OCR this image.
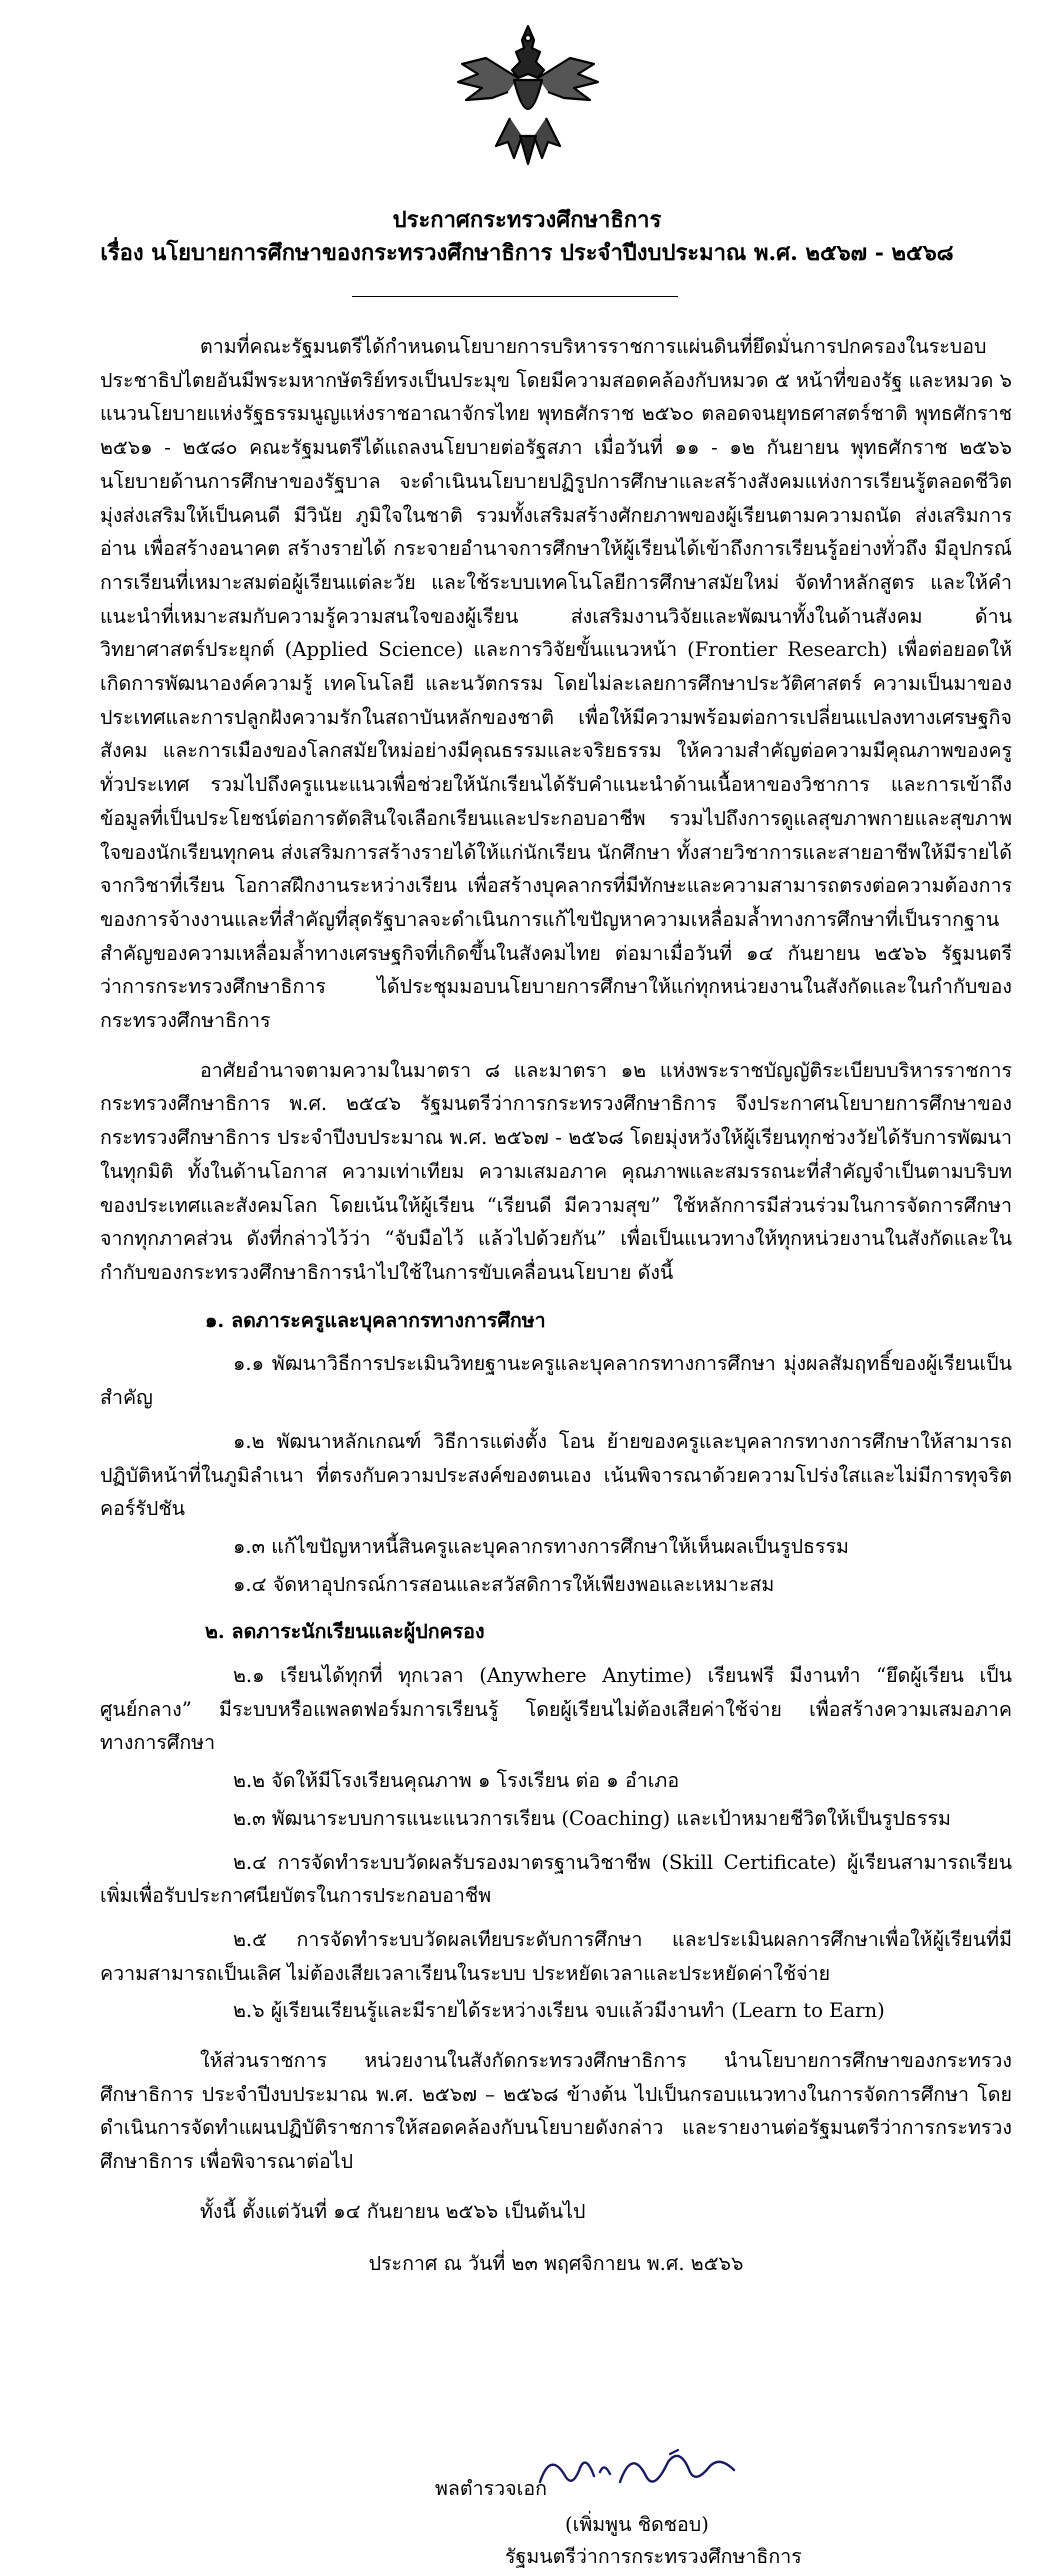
ประกาศกระทรวงศึกษาธิการ
เรื่อง นโยบายการศึกษาของกระทรวงศึกษาธิการ ประจำปีงบประมาณ พ.ศ. ๒๕๖๗ - ๒๕๖๘

ตามที่คณะรัฐมนตรีได้กำหนดนโยบายการบริหารราชการแผ่นดินที่ยึดมั่นการปกครองในระบอบประชาธิปไตยอันมีพระมหากษัตริย์ทรงเป็นประมุข โดยมีความสอดคล้องกับหมวด ๕ หน้าที่ของรัฐ และหมวด ๖ แนวนโยบายแห่งรัฐธรรมนูญแห่งราชอาณาจักรไทย พุทธศักราช ๒๕๖๐ ตลอดจนยุทธศาสตร์ชาติ พุทธศักราช ๒๕๖๑ - ๒๕๘๐ คณะรัฐมนตรีได้แถลงนโยบายต่อรัฐสภา เมื่อวันที่ ๑๑ - ๑๒ กันยายน พุทธศักราช ๒๕๖๖ นโยบายด้านการศึกษาของรัฐบาล จะดำเนินนโยบายปฏิรูปการศึกษาและสร้างสังคมแห่งการเรียนรู้ตลอดชีวิต มุ่งส่งเสริมให้เป็นคนดี มีวินัย ภูมิใจในชาติ รวมทั้งเสริมสร้างศักยภาพของผู้เรียนตามความถนัด ส่งเสริมการอ่าน เพื่อสร้างอนาคต สร้างรายได้ กระจายอำนาจการศึกษาให้ผู้เรียนได้เข้าถึงการเรียนรู้อย่างทั่วถึง มีอุปกรณ์การเรียนที่เหมาะสมต่อผู้เรียนแต่ละวัย และใช้ระบบเทคโนโลยีการศึกษาสมัยใหม่ จัดทำหลักสูตร และให้คำแนะนำที่เหมาะสมกับความรู้ความสนใจของผู้เรียน ส่งเสริมงานวิจัยและพัฒนาทั้งในด้านสังคม ด้านวิทยาศาสตร์ประยุกต์ (Applied Science) และการวิจัยขั้นแนวหน้า (Frontier Research) เพื่อต่อยอดให้เกิดการพัฒนาองค์ความรู้ เทคโนโลยี และนวัตกรรม โดยไม่ละเลยการศึกษาประวัติศาสตร์ ความเป็นมาของประเทศและการปลูกฝังความรักในสถาบันหลักของชาติ เพื่อให้มีความพร้อมต่อการเปลี่ยนแปลงทางเศรษฐกิจ สังคม และการเมืองของโลกสมัยใหม่อย่างมีคุณธรรมและจริยธรรม ให้ความสำคัญต่อความมีคุณภาพของครูทั่วประเทศ รวมไปถึงครูแนะแนวเพื่อช่วยให้นักเรียนได้รับคำแนะนำด้านเนื้อหาของวิชาการ และการเข้าถึงข้อมูลที่เป็นประโยชน์ต่อการตัดสินใจเลือกเรียนและประกอบอาชีพ รวมไปถึงการดูแลสุขภาพกายและสุขภาพใจของนักเรียนทุกคน ส่งเสริมการสร้างรายได้ให้แก่นักเรียน นักศึกษา ทั้งสายวิชาการและสายอาชีพให้มีรายได้จากวิชาที่เรียน โอกาสฝึกงานระหว่างเรียน เพื่อสร้างบุคลากรที่มีทักษะและความสามารถตรงต่อความต้องการของการจ้างงานและที่สำคัญที่สุดรัฐบาลจะดำเนินการแก้ไขปัญหาความเหลื่อมล้ำทางการศึกษาที่เป็นรากฐานสำคัญของความเหลื่อมล้ำทางเศรษฐกิจที่เกิดขึ้นในสังคมไทย ต่อมาเมื่อวันที่ ๑๔ กันยายน ๒๕๖๖ รัฐมนตรีว่าการกระทรวงศึกษาธิการ ได้ประชุมมอบนโยบายการศึกษาให้แก่ทุกหน่วยงานในสังกัดและในกำกับของกระทรวงศึกษาธิการ

อาศัยอำนาจตามความในมาตรา ๘ และมาตรา ๑๒ แห่งพระราชบัญญัติระเบียบบริหารราชการกระทรวงศึกษาธิการ พ.ศ. ๒๕๔๖ รัฐมนตรีว่าการกระทรวงศึกษาธิการ จึงประกาศนโยบายการศึกษาของกระทรวงศึกษาธิการ ประจำปีงบประมาณ พ.ศ. ๒๕๖๗ - ๒๕๖๘ โดยมุ่งหวังให้ผู้เรียนทุกช่วงวัยได้รับการพัฒนาในทุกมิติ ทั้งในด้านโอกาส ความเท่าเทียม ความเสมอภาค คุณภาพและสมรรถนะที่สำคัญจำเป็นตามบริบทของประเทศและสังคมโลก โดยเน้นให้ผู้เรียน “เรียนดี มีความสุข” ใช้หลักการมีส่วนร่วมในการจัดการศึกษาจากทุกภาคส่วน ดังที่กล่าวไว้ว่า “จับมือไว้ แล้วไปด้วยกัน” เพื่อเป็นแนวทางให้ทุกหน่วยงานในสังกัดและในกำกับของกระทรวงศึกษาธิการนำไปใช้ในการขับเคลื่อนนโยบาย ดังนี้

๑. ลดภาระครูและบุคลากรทางการศึกษา

๑.๑ พัฒนาวิธีการประเมินวิทยฐานะครูและบุคลากรทางการศึกษา มุ่งผลสัมฤทธิ์ของผู้เรียนเป็นสำคัญ

๑.๒ พัฒนาหลักเกณฑ์ วิธีการแต่งตั้ง โอน ย้ายของครูและบุคลากรทางการศึกษาให้สามารถปฏิบัติหน้าที่ในภูมิลำเนา ที่ตรงกับความประสงค์ของตนเอง เน้นพิจารณาด้วยความโปร่งใสและไม่มีการทุจริตคอร์รัปชัน

๑.๓ แก้ไขปัญหาหนี้สินครูและบุคลากรทางการศึกษาให้เห็นผลเป็นรูปธรรม

๑.๔ จัดหาอุปกรณ์การสอนและสวัสดิการให้เพียงพอและเหมาะสม

๒. ลดภาระนักเรียนและผู้ปกครอง

๒.๑ เรียนได้ทุกที่ ทุกเวลา (Anywhere Anytime) เรียนฟรี มีงานทำ “ยึดผู้เรียน เป็นศูนย์กลาง” มีระบบหรือแพลตฟอร์มการเรียนรู้ โดยผู้เรียนไม่ต้องเสียค่าใช้จ่าย เพื่อสร้างความเสมอภาคทางการศึกษา

๒.๒ จัดให้มีโรงเรียนคุณภาพ ๑ โรงเรียน ต่อ ๑ อำเภอ

๒.๓ พัฒนาระบบการแนะแนวการเรียน (Coaching) และเป้าหมายชีวิตให้เป็นรูปธรรม

๒.๔ การจัดทำระบบวัดผลรับรองมาตรฐานวิชาชีพ (Skill Certificate) ผู้เรียนสามารถเรียนเพิ่มเพื่อรับประกาศนียบัตรในการประกอบอาชีพ

๒.๕ การจัดทำระบบวัดผลเทียบระดับการศึกษา และประเมินผลการศึกษาเพื่อให้ผู้เรียนที่มีความสามารถเป็นเลิศ ไม่ต้องเสียเวลาเรียนในระบบ ประหยัดเวลาและประหยัดค่าใช้จ่าย

๒.๖ ผู้เรียนเรียนรู้และมีรายได้ระหว่างเรียน จบแล้วมีงานทำ (Learn to Earn)

ให้ส่วนราชการ หน่วยงานในสังกัดกระทรวงศึกษาธิการ นำนโยบายการศึกษาของกระทรวงศึกษาธิการ ประจำปีงบประมาณ พ.ศ. ๒๕๖๗ – ๒๕๖๘ ข้างต้น ไปเป็นกรอบแนวทางในการจัดการศึกษา โดยดำเนินการจัดทำแผนปฏิบัติราชการให้สอดคล้องกับนโยบายดังกล่าว และรายงานต่อรัฐมนตรีว่าการกระทรวงศึกษาธิการ เพื่อพิจารณาต่อไป

ทั้งนี้ ตั้งแต่วันที่ ๑๔ กันยายน ๒๕๖๖ เป็นต้นไป

ประกาศ ณ วันที่ ๒๓ พฤศจิกายน พ.ศ. ๒๕๖๖

พลตำรวจเอก
(เพิ่มพูน ชิดชอบ)
รัฐมนตรีว่าการกระทรวงศึกษาธิการ
